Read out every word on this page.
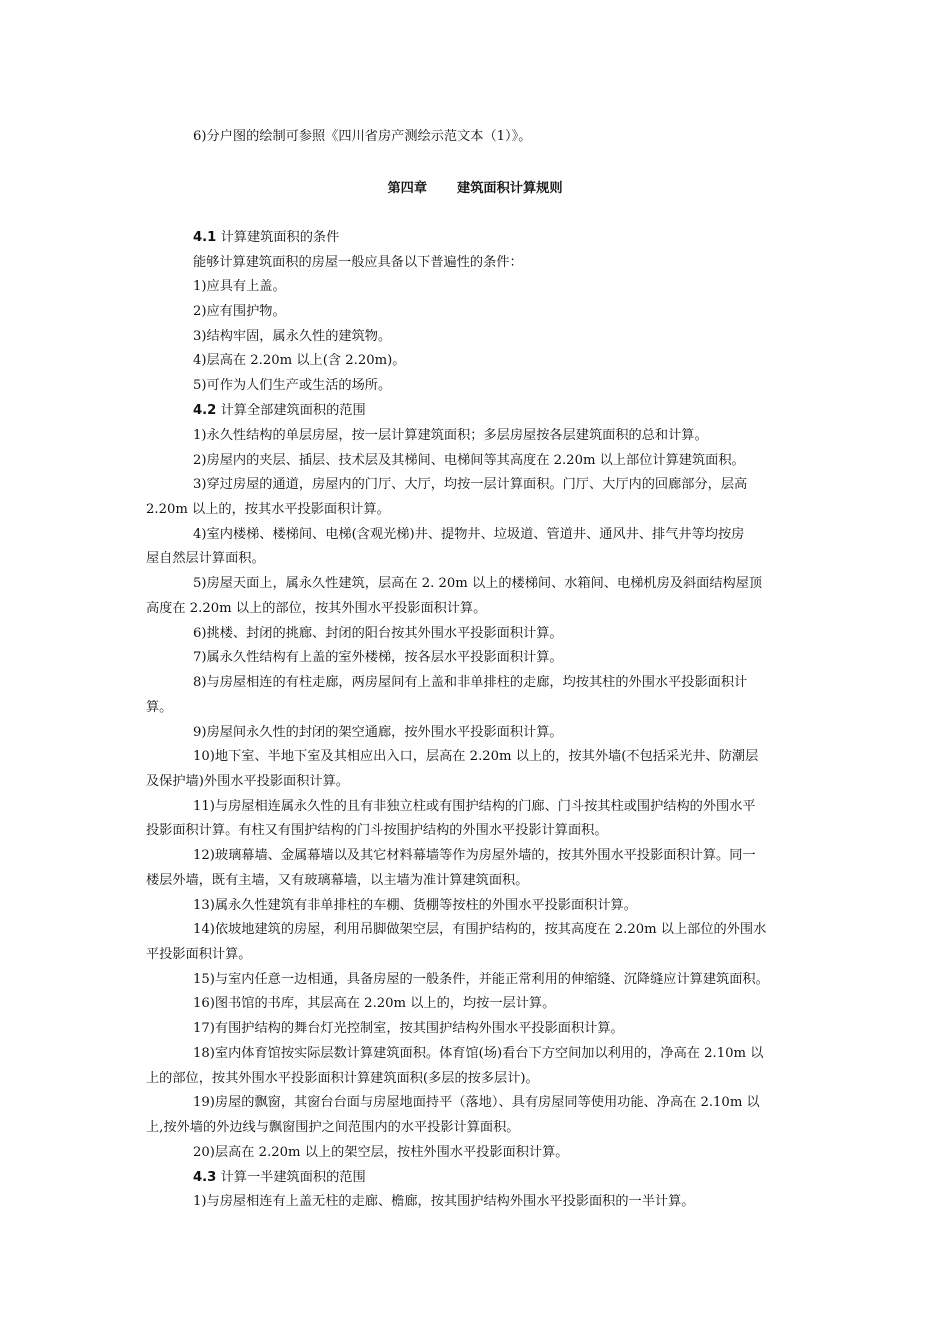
6)分户图的绘制可参照《四川省房产测绘示范文本（1）》。
第四章 建筑面积计算规则
4.1 计算建筑面积的条件
能够计算建筑面积的房屋一般应具备以下普遍性的条件：
1)应具有上盖。
2)应有围护物。
3)结构牢固，属永久性的建筑物。
4)层高在 2.20m 以上(含 2.20m)。
5)可作为人们生产或生活的场所。
4.2 计算全部建筑面积的范围
1)永久性结构的单层房屋，按一层计算建筑面积；多层房屋按各层建筑面积的总和计算。
2)房屋内的夹层、插层、技术层及其梯间、电梯间等其高度在 2.20m 以上部位计算建筑面积。
3)穿过房屋的通道，房屋内的门厅、大厅，均按一层计算面积。门厅、大厅内的回廊部分，层高
2.20m 以上的，按其水平投影面积计算。
4)室内楼梯、楼梯间、电梯(含观光梯)井、提物井、垃圾道、管道井、通风井、排气井等均按房
屋自然层计算面积。
5)房屋天面上，属永久性建筑，层高在 2. 20m 以上的楼梯间、水箱间、电梯机房及斜面结构屋顶
高度在 2.20m 以上的部位，按其外围水平投影面积计算。
6)挑楼、封闭的挑廊、封闭的阳台按其外围水平投影面积计算。
7)属永久性结构有上盖的室外楼梯，按各层水平投影面积计算。
8)与房屋相连的有柱走廊，两房屋间有上盖和非单排柱的走廊，均按其柱的外围水平投影面积计
算。
9)房屋间永久性的封闭的架空通廊，按外围水平投影面积计算。
10)地下室、半地下室及其相应出入口，层高在 2.20m 以上的，按其外墙(不包括采光井、防潮层
及保护墙)外围水平投影面积计算。
11)与房屋相连属永久性的且有非独立柱或有围护结构的门廊、门斗按其柱或围护结构的外围水平
投影面积计算。有柱又有围护结构的门斗按围护结构的外围水平投影计算面积。
12)玻璃幕墙、金属幕墙以及其它材料幕墙等作为房屋外墙的，按其外围水平投影面积计算。同一
楼层外墙，既有主墙，又有玻璃幕墙，以主墙为准计算建筑面积。
13)属永久性建筑有非单排柱的车棚、货棚等按柱的外围水平投影面积计算。
14)依坡地建筑的房屋，利用吊脚做架空层，有围护结构的，按其高度在 2.20m 以上部位的外围水
平投影面积计算。
15)与室内任意一边相通，具备房屋的一般条件，并能正常利用的伸缩缝、沉降缝应计算建筑面积。
16)图书馆的书库，其层高在 2.20m 以上的，均按一层计算。
17)有围护结构的舞台灯光控制室，按其围护结构外围水平投影面积计算。
18)室内体育馆按实际层数计算建筑面积。体育馆(场)看台下方空间加以利用的，净高在 2.10m 以
上的部位，按其外围水平投影面积计算建筑面积(多层的按多层计)。
19)房屋的飘窗，其窗台台面与房屋地面持平（落地）、具有房屋同等使用功能、净高在 2.10m 以
上,按外墙的外边线与飘窗围护之间范围内的水平投影计算面积。
20)层高在 2.20m 以上的架空层，按柱外围水平投影面积计算。
4.3 计算一半建筑面积的范围
1)与房屋相连有上盖无柱的走廊、檐廊，按其围护结构外围水平投影面积的一半计算。
